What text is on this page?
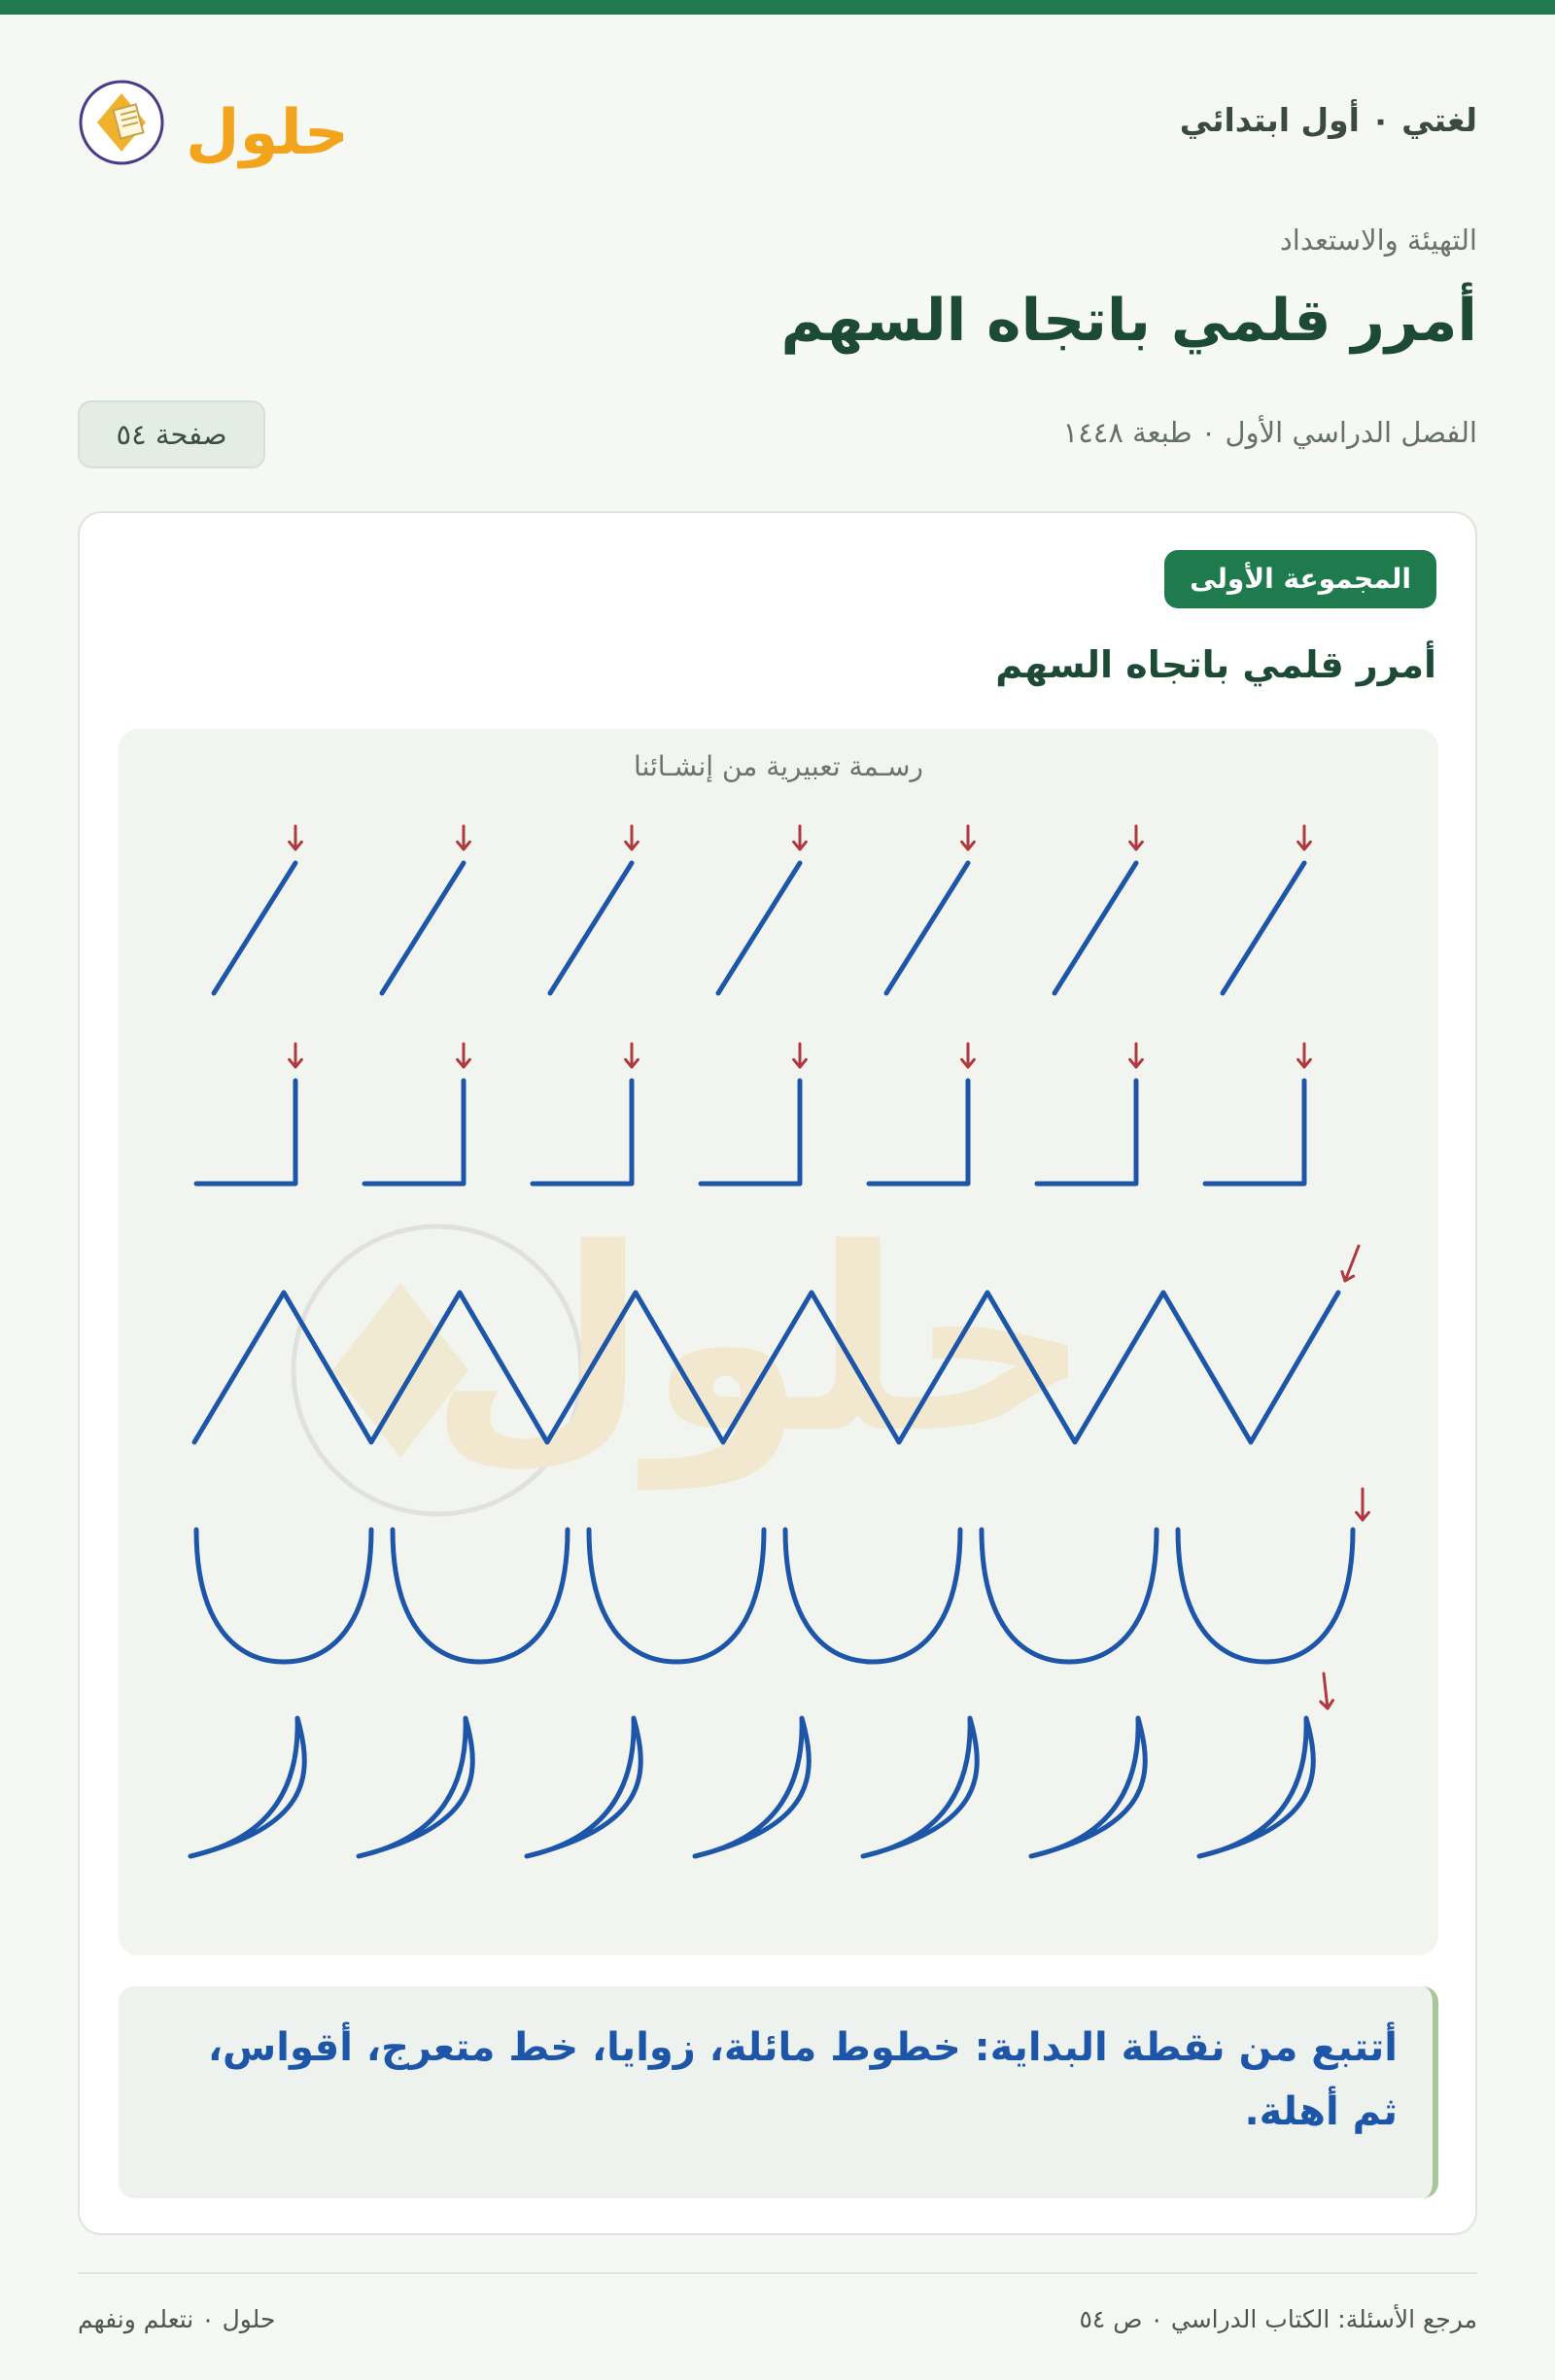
لغتي ٠ أول ابتدائي
حلول
التهيئة والاستعداد
أمرر قلمي باتجاه السهم
الفصل الدراسي الأول ٠ طبعة ١٤٤٨
صفحة ٥٤
المجموعة الأولى
أمرر قلمي باتجاه السهم
حلول
رسـمة تعبيرية من إنشـائنا
أتتبع من نقطة البداية: خطوط مائلة، زوايا، خط متعرج، أقواس، ثم أهلة.
مرجع الأسئلة: الكتاب الدراسي ٠ ص ٥٤
حلول ٠ نتعلم ونفهم
